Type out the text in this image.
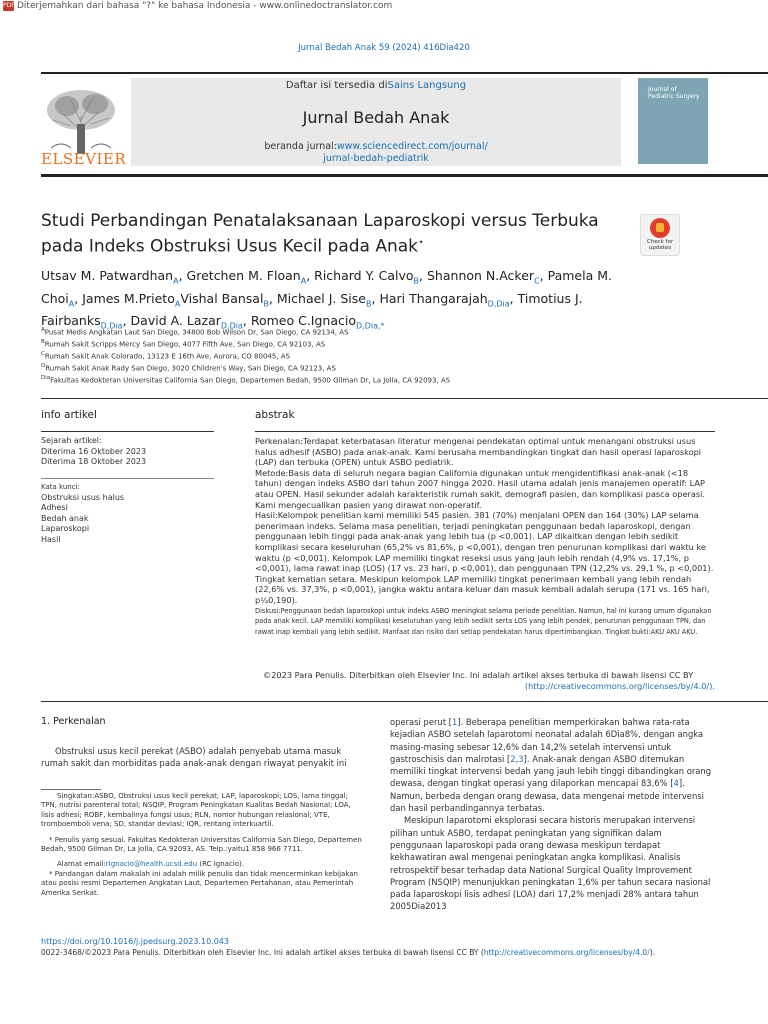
PDF Diterjemahkan dari bahasa "?" ke bahasa Indonesia - www.onlinedoctranslator.com
Jurnal Bedah Anak 59 (2024) 416Dia420
ELSEVIER
Daftar isi tersedia diSains Langsung
Jurnal Bedah Anak
beranda jurnal:www.sciencedirect.com/journal/
jurnal-bedah-pediatrik
Journal of
Pediatric Surgery
Studi Perbandingan Penatalaksanaan Laparoskopi versus Terbuka
pada Indeks Obstruksi Usus Kecil pada Anak⋆	Check for
updates
Utsav M. Patwardhan$_A$, Gretchen M. Floan$_A$, Richard Y. Calvo$_B$, Shannon N.Acker$_C$, Pamela M. Choi$_A$, James M.Prieto$_A$Vishal Bansal$_B$, Michael J. Sise$_B$, Hari Thangarajah$_{D,Dia}$, Timotius J. Fairbanks$_{D,Dia}$, David A. Lazar$_{D,Dia}$, Romeo C.Ignacio$_{D,Dia,*}$
$^A$Pusat Medis Angkatan Laut San Diego, 34800 Bob Wilson Dr, San Diego, CA 92134, AS
$^B$Rumah Sakit Scripps Mercy San Diego, 4077 Fifth Ave, San Diego, CA 92103, AS
$^C$Rumah Sakit Anak Colorado, 13123 E 16th Ave, Aurora, CO 80045, AS
$^D$Rumah Sakit Anak Rady San Diego, 3020 Children's Way, San Diego, CA 92123, AS
$^{Dia}$Fakultas Kedokteran Universitas California San Diego, Departemen Bedah, 9500 Gilman Dr, La Jolla, CA 92093, AS
info artikel	abstrak
Sejarah artikel:
Diterima 16 Oktober 2023
Diterima 18 Oktober 2023
Kata kunci:
Obstruksi usus halus
Adhesi
Bedah anak
Laparoskopi
Hasil

Perkenalan:Terdapat keterbatasan literatur mengenai pendekatan optimal untuk menangani obstruksi usus halus adhesif (ASBO) pada anak-anak. Kami berusaha membandingkan tingkat dan hasil operasi laparoskopi (LAP) dan terbuka (OPEN) untuk ASBO pediatrik.

Metode:Basis data di seluruh negara bagian California digunakan untuk mengidentifikasi anak-anak (<18 tahun) dengan indeks ASBO dari tahun 2007 hingga 2020. Hasil utama adalah jenis manajemen operatif: LAP atau OPEN. Hasil sekunder adalah karakteristik rumah sakit, demografi pasien, dan komplikasi pasca operasi. Kami mengecualikan pasien yang dirawat non-operatif.

Hasil:Kelompok penelitian kami memiliki 545 pasien. 381 (70%) menjalani OPEN dan 164 (30%) LAP selama penerimaan indeks. Selama masa penelitian, terjadi peningkatan penggunaan bedah laparoskopi, dengan penggunaan lebih tinggi pada anak-anak yang lebih tua (p <0,001). LAP dikaitkan dengan lebih sedikit komplikasi secara keseluruhan (65,2% vs 81,6%, p <0,001), dengan tren penurunan komplikasi dari waktu ke waktu (p <0,001). Kelompok LAP memiliki tingkat reseksi usus yang jauh lebih rendah (4,9% vs. 17,1%, p <0,001), lama rawat inap (LOS) (17 vs. 23 hari, p <0,001), dan penggunaan TPN (12,2% vs. 29,1 %, p <0,001). Tingkat kematian setara. Meskipun kelompok LAP memiliki tingkat penerimaan kembali yang lebih rendah (22,6% vs. 37,3%, p <0,001), jangka waktu antara keluar dan masuk kembali adalah serupa (171 vs. 165 hari, p¼0,190).

Diskusi:Penggunaan bedah laparoskopi untuk indeks ASBO meningkat selama periode penelitian. Namun, hal ini kurang umum digunakan pada anak kecil. LAP memiliki komplikasi keseluruhan yang lebih sedikit serta LOS yang lebih pendek, penurunan penggunaan TPN, dan rawat inap kembali yang lebih sedikit. Manfaat dan risiko dari setiap pendekatan harus dipertimbangkan. Tingkat bukti:AKU AKU AKU.

©2023 Para Penulis. Diterbitkan oleh Elsevier Inc. Ini adalah artikel akses terbuka di bawah lisensi CC BY
(http://creativecommons.org/licenses/by/4.0/).
1. Perkenalan

Obstruksi usus kecil perekat (ASBO) adalah penyebab utama masuk rumah sakit dan morbiditas pada anak-anak dengan riwayat penyakit ini

Singkatan:ASBO, Obstruksi usus kecil perekat; LAP, laparoskopi; LOS, lama tinggal; TPN, nutrisi parenteral total; NSQIP, Program Peningkatan Kualitas Bedah Nasional; LOA, lisis adhesi; ROBF, kembalinya fungsi usus; RLN, nomor hubungan relasional; VTE, tromboemboli vena; SD, standar deviasi; IQR, rentang interkuartil.

* Penulis yang sesuai. Fakultas Kedokteran Universitas California San Diego, Departemen Bedah, 9500 Gilman Dr, La Jolla, CA 92093, AS. Telp.:yaitu1 858 966 7711.

Alamat email:rIgnacio@health.ucsd.edu (RC Ignacio).

* Pandangan dalam makalah ini adalah milik penulis dan tidak mencerminkan kebijakan atau posisi resmi Departemen Angkatan Laut, Departemen Pertahanan, atau Pemerintah Amerika Serikat.

operasi perut [1]. Beberapa penelitian memperkirakan bahwa rata-rata kejadian ASBO setelah laparotomi neonatal adalah 6Dia8%, dengan angka masing-masing sebesar 12,6% dan 14,2% setelah intervensi untuk gastroschisis dan malrotasi [2,3]. Anak-anak dengan ASBO ditemukan memiliki tingkat intervensi bedah yang jauh lebih tinggi dibandingkan orang dewasa, dengan tingkat operasi yang dilaporkan mencapai 83,6% [4]. Namun, berbeda dengan orang dewasa, data mengenai metode intervensi dan hasil perbandingannya terbatas.

Meskipun laparotomi eksplorasi secara historis merupakan intervensi pilihan untuk ASBO, terdapat peningkatan yang signifikan dalam penggunaan laparoskopi pada orang dewasa meskipun terdapat kekhawatiran awal mengenai peningkatan angka komplikasi. Analisis retrospektif besar terhadap data National Surgical Quality Improvement Program (NSQIP) menunjukkan peningkatan 1,6% per tahun secara nasional pada laparoskopi lisis adhesi (LOA) dari 17,2% menjadi 28% antara tahun 2005Dia2013

https://doi.org/10.1016/j.jpedsurg.2023.10.043
0022-3468/©2023 Para Penulis. Diterbitkan oleh Elsevier Inc. Ini adalah artikel akses terbuka di bawah lisensi CC BY (http://creativecommons.org/licenses/by/4.0/).
